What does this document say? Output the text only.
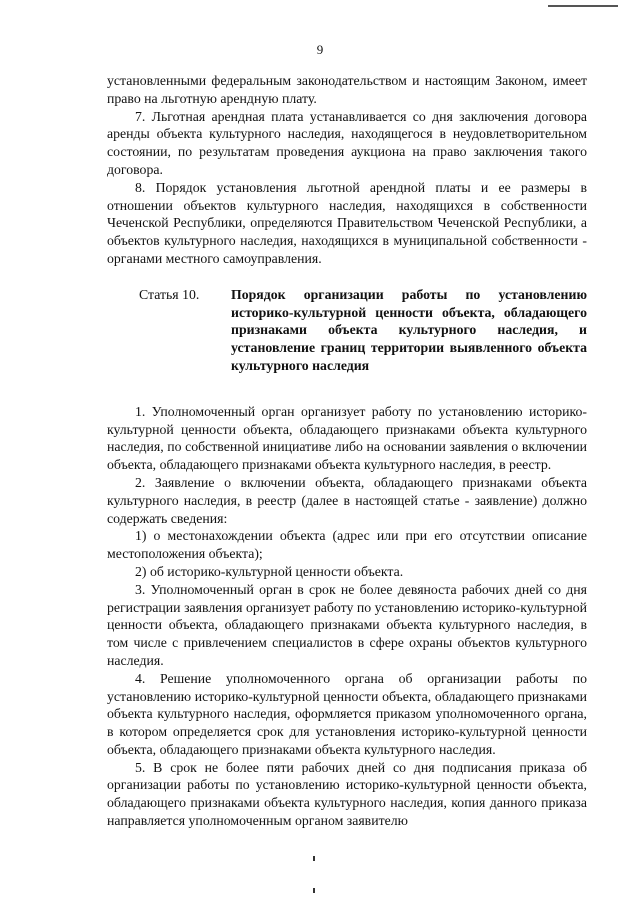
9

установленными федеральным законодательством и настоящим Законом, имеет право на льготную арендную плату.

7. Льготная арендная плата устанавливается со дня заключения договора аренды объекта культурного наследия, находящегося в неудовлетворительном состоянии, по результатам проведения аукциона на право заключения такого договора.

8. Порядок установления льготной арендной платы и ее размеры в отношении объектов культурного наследия, находящихся в собственности Чеченской Республики, определяются Правительством Чеченской Республики, а объектов культурного наследия, находящихся в муниципальной собственности - органами местного самоуправления.

Статья 10.	Порядок организации работы по установлению историко-культурной ценности объекта, обладающего признаками объекта культурного наследия, и установление границ территории выявленного объекта культурного наследия

1. Уполномоченный орган организует работу по установлению историко-культурной ценности объекта, обладающего признаками объекта культурного наследия, по собственной инициативе либо на основании заявления о включении объекта, обладающего признаками объекта культурного наследия, в реестр.

2. Заявление о включении объекта, обладающего признаками объекта культурного наследия, в реестр (далее в настоящей статье - заявление) должно содержать сведения:

1) о местонахождении объекта (адрес или при его отсутствии описание местоположения объекта);

2) об историко-культурной ценности объекта.

3. Уполномоченный орган в срок не более девяноста рабочих дней со дня регистрации заявления организует работу по установлению историко-культурной ценности объекта, обладающего признаками объекта культурного наследия, в том числе с привлечением специалистов в сфере охраны объектов культурного наследия.

4. Решение уполномоченного органа об организации работы по установлению историко-культурной ценности объекта, обладающего признаками объекта культурного наследия, оформляется приказом уполномоченного органа, в котором определяется срок для установления историко-культурной ценности объекта, обладающего признаками объекта культурного наследия.

5. В срок не более пяти рабочих дней со дня подписания приказа об организации работы по установлению историко-культурной ценности объекта, обладающего признаками объекта культурного наследия, копия данного приказа направляется уполномоченным органом заявителю
